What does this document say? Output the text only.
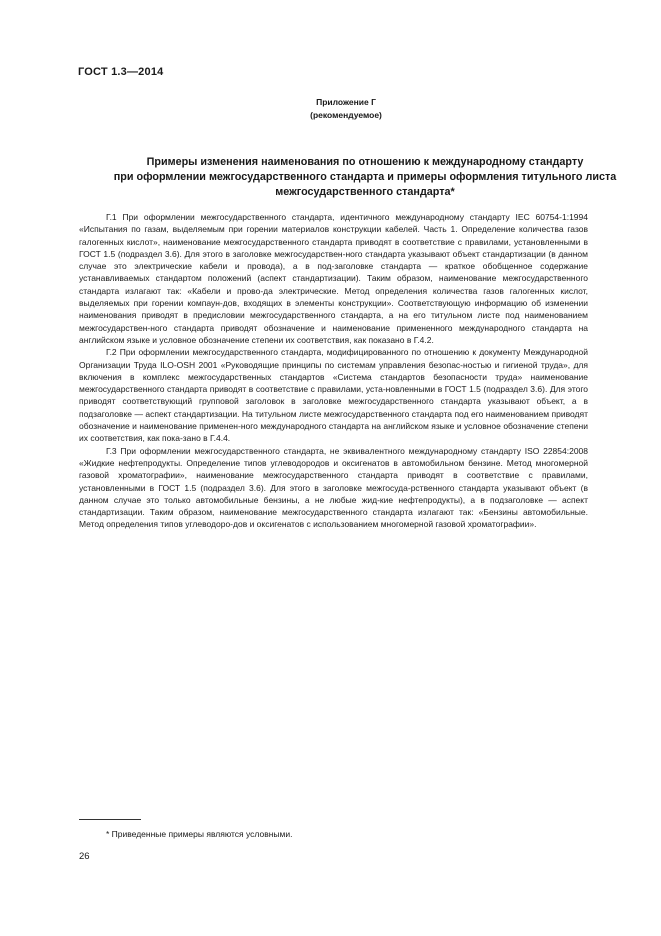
ГОСТ 1.3—2014
Приложение Г
(рекомендуемое)
Примеры изменения наименования по отношению к международному стандарту
при оформлении межгосударственного стандарта и примеры оформления титульного листа
межгосударственного стандарта*

Г.1 При оформлении межгосударственного стандарта, идентичного международному стандарту IEC 60754-1:1994 «Испытания по газам, выделяемым при горении материалов конструкции кабелей. Часть 1. Определение количества газов галогенных кислот», наименование межгосударственного стандарта приводят в соответствие с правилами, установленными в ГОСТ 1.5 (подраздел 3.6). Для этого в заголовке межгосударствен-ного стандарта указывают объект стандартизации (в данном случае это электрические кабели и провода), а в под-заголовке стандарта — краткое обобщенное содержание устанавливаемых стандартом положений (аспект стандартизации). Таким образом, наименование межгосударственного стандарта излагают так: «Кабели и прово-да электрические. Метод определения количества газов галогенных кислот, выделяемых при горении компаун-дов, входящих в элементы конструкции». Соответствующую информацию об изменении наименования приводят в предисловии межгосударственного стандарта, а на его титульном листе под наименованием межгосударствен-ного стандарта приводят обозначение и наименование примененного международного стандарта на английском языке и условное обозначение степени их соответствия, как показано в Г.4.2.

Г.2 При оформлении межгосударственного стандарта, модифицированного по отношению к документу Международной Организации Труда ILO-OSH 2001 «Руководящие принципы по системам управления безопас-ностью и гигиеной труда», для включения в комплекс межгосударственных стандартов «Система стандартов безопасности труда» наименование межгосударственного стандарта приводят в соответствие с правилами, уста-новленными в ГОСТ 1.5 (подраздел 3.6). Для этого приводят соответствующий групповой заголовок в заголовке межгосударственного стандарта указывают объект, а в подзаголовке — аспект стандартизации. На титульном листе межгосударственного стандарта под его наименованием приводят обозначение и наименование применен-ного международного стандарта на английском языке и условное обозначение степени их соответствия, как пока-зано в Г.4.4.

Г.3 При оформлении межгосударственного стандарта, не эквивалентного международному стандарту ISO 22854:2008 «Жидкие нефтепродукты. Определение типов углеводородов и оксигенатов в автомобильном бензине. Метод многомерной газовой хроматографии», наименование межгосударственного стандарта приводят в соответствие с правилами, установленными в ГОСТ 1.5 (подраздел 3.6). Для этого в заголовке межгосуда-рственного стандарта указывают объект (в данном случае это только автомобильные бензины, а не любые жид-кие нефтепродукты), а в подзаголовке — аспект стандартизации. Таким образом, наименование межгосударственного стандарта излагают так: «Бензины автомобильные. Метод определения типов углеводоро-дов и оксигенатов с использованием многомерной газовой хроматографии».

* Приведенные примеры являются условными.
26
